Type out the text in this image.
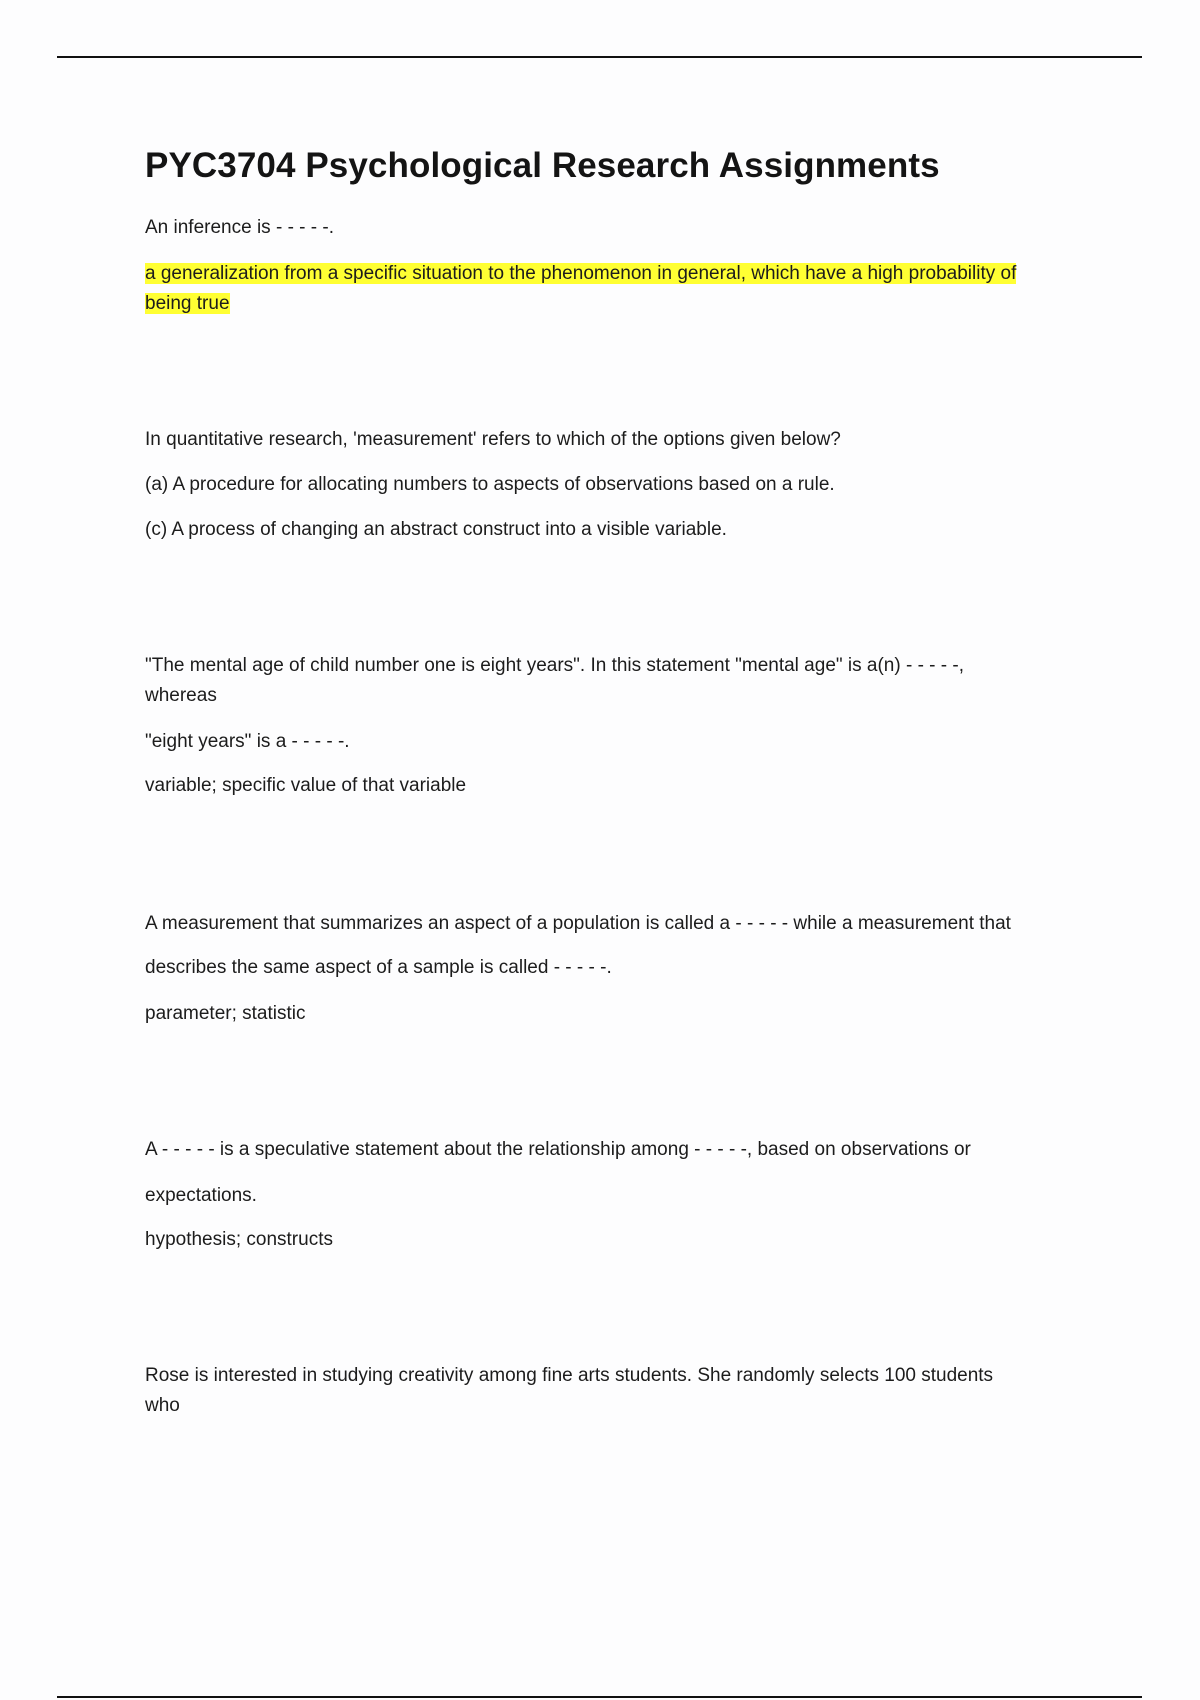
PYC3704 Psychological Research Assignments

An inference is - - - - -.

a generalization from a specific situation to the phenomenon in general, which have a high probability of

being true

In quantitative research, 'measurement' refers to which of the options given below?

(a) A procedure for allocating numbers to aspects of observations based on a rule.

(c) A process of changing an abstract construct into a visible variable.

"The mental age of child number one is eight years". In this statement "mental age" is a(n) - - - - -,

whereas

"eight years" is a - - - - -.

variable; specific value of that variable

A measurement that summarizes an aspect of a population is called a - - - - - while a measurement that

describes the same aspect of a sample is called - - - - -.

parameter; statistic

A - - - - - is a speculative statement about the relationship among - - - - -, based on observations or

expectations.

hypothesis; constructs

Rose is interested in studying creativity among fine arts students. She randomly selects 100 students

who
